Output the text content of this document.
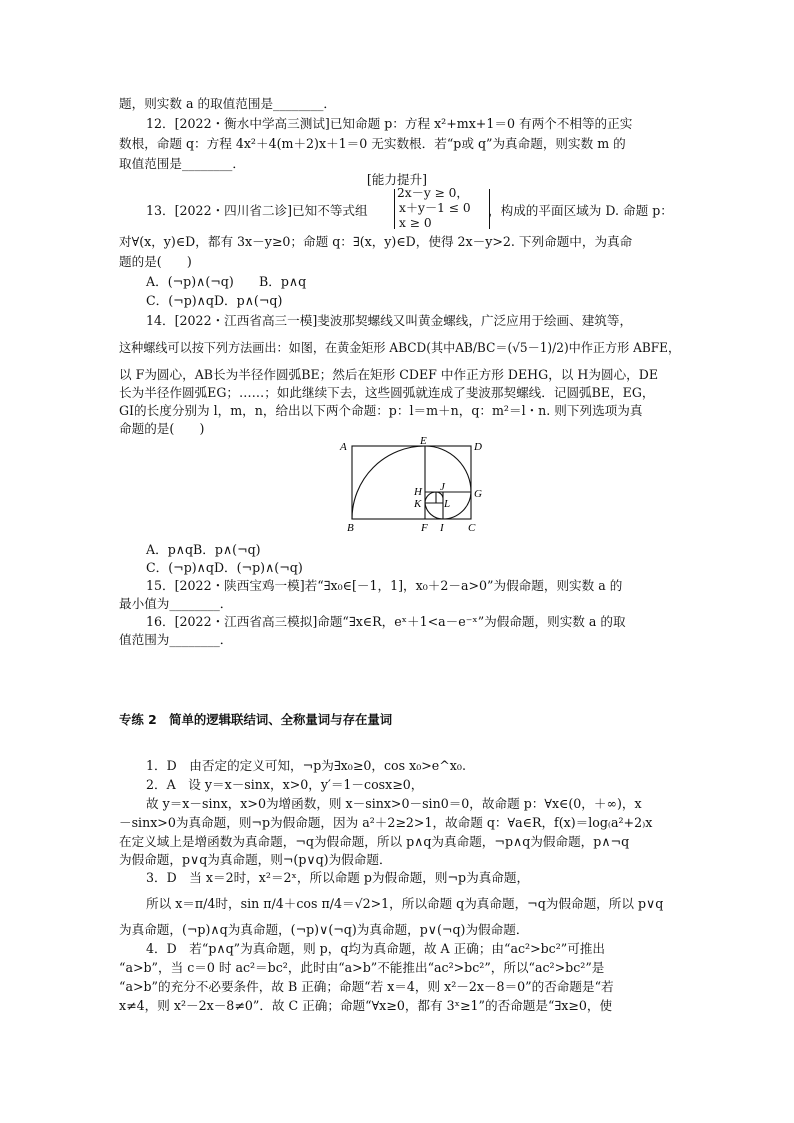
题，则实数 a 的取值范围是________．
12．[2022・衡水中学高三测试]已知命题 p：方程 x²+mx+1＝0 有两个不相等的正实
数根，命题 q：方程 4x²＋4(m＋2)x＋1＝0 无实数根．若“p或 q”为真命题，则实数 m 的
取值范围是________．
[能力提升]
13．[2022・四川省二诊]已知不等式组
2x－y ≥ 0，
x＋y－1 ≤ 0
x ≥ 0
，构成的平面区域为 D. 命题 p：
对∀(x，y)∈D，都有 3x－y≥0；命题 q：∃(x，y)∈D，使得 2x－y>2. 下列命题中，为真命
题的是(　　)
A．(¬p)∧(¬q)　　B．p∧q
C．(¬p)∧qD．p∧(¬q)
14．[2022・江西省高三一模]斐波那契螺线又叫黄金螺线，广泛应用于绘画、建筑等，
这种螺线可以按下列方法画出：如图，在黄金矩形 ABCD(其中AB/BC＝(√5－1)/2)中作正方形 ABFE，
以 F为圆心，AB长为半径作圆弧BE；然后在矩形 CDEF 中作正方形 DEHG，以 H为圆心，DE
长为半径作圆弧EG；……；如此继续下去，这些圆弧就连成了斐波那契螺线．记圆弧BE，EG，
GI的长度分别为 l，m，n，给出以下两个命题：p：l＝m＋n，q：m²＝l・n. 则下列选项为真
命题的是(　　)
A	E	D
H J
G
K L
B	F I C
A．p∧qB．p∧(¬q)
C．(¬p)∧qD．(¬p)∧(¬q)
15．[2022・陕西宝鸡一模]若“∃x₀∈[－1，1]，x₀＋2－a>0”为假命题，则实数 a 的
最小值为________．
16．[2022・江西省高三模拟]命题“∃x∈R，eˣ＋1<a－e⁻ˣ”为假命题，则实数 a 的取
值范围为________．
专练 2　简单的逻辑联结词、全称量词与存在量词
1．D　由否定的定义可知，¬p为∃x₀≥0，cos x₀>e^x₀.
2．A　设 y＝x－sinx，x>0，y′＝1－cosx≥0，
故 y＝x－sinx，x>0为增函数，则 x－sinx>0－sin0＝0，故命题 p：∀x∈(0，＋∞)，x
－sinx>0为真命题，则¬p为假命题，因为 a²＋2≥2>1，故命题 q：∀a∈R，f(x)＝log₍a²+2₎x
在定义域上是增函数为真命题，¬q为假命题，所以 p∧q为真命题，¬p∧q为假命题，p∧¬q
为假命题，p∨q为真命题，则¬(p∨q)为假命题．
3．D　当 x＝2时，x²＝2ˣ，所以命题 p为假命题，则¬p为真命题，
所以 x＝π/4时，sin π/4＋cos π/4＝√2>1，所以命题 q为真命题，¬q为假命题，所以 p∨q
为真命题，(¬p)∧q为真命题，(¬p)∨(¬q)为真命题，p∨(¬q)为假命题．
4．D　若“p∧q”为真命题，则 p，q均为真命题，故 A 正确；由“ac²>bc²”可推出
“a>b”，当 c＝0 时 ac²＝bc²，此时由“a>b”不能推出“ac²>bc²”，所以“ac²>bc²”是
“a>b”的充分不必要条件，故 B 正确；命题“若 x＝4，则 x²－2x－8＝0”的否命题是“若
x≠4，则 x²－2x－8≠0”．故 C 正确；命题“∀x≥0，都有 3ˣ≥1”的否命题是“∃x≥0，使
